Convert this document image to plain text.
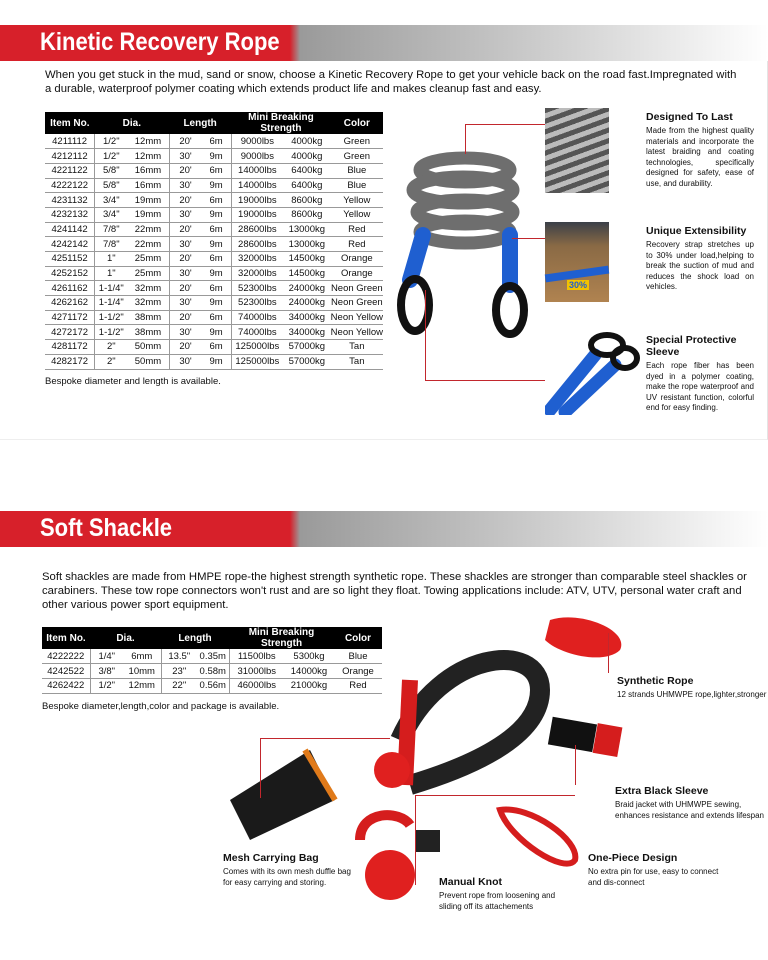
Kinetic Recovery Rope

When you get stuck in the mud, sand or snow, choose a Kinetic Recovery Rope to get your vehicle back on the road fast.Impregnated with a durable, waterproof polymer coating which extends product life and makes cleanup fast and easy.

Item No.	Dia.		Length		Mini Breaking Strength		Color
4211112	1/2"	12mm	20'	6m	9000lbs	4000kg	Green
4212112	1/2"	12mm	30'	9m	9000lbs	4000kg	Green
4221122	5/8"	16mm	20'	6m	14000lbs	6400kg	Blue
4222122	5/8"	16mm	30'	9m	14000lbs	6400kg	Blue
4231132	3/4"	19mm	20'	6m	19000lbs	8600kg	Yellow
4232132	3/4"	19mm	30'	9m	19000lbs	8600kg	Yellow
4241142	7/8"	22mm	20'	6m	28600lbs	13000kg	Red
4242142	7/8"	22mm	30'	9m	28600lbs	13000kg	Red
4251152	1"	25mm	20'	6m	32000lbs	14500kg	Orange
4252152	1"	25mm	30'	9m	32000lbs	14500kg	Orange
4261162	1-1/4"	32mm	20'	6m	52300lbs	24000kg	Neon Green
4262162	1-1/4"	32mm	30'	9m	52300lbs	24000kg	Neon Green
4271172	1-1/2"	38mm	20'	6m	74000lbs	34000kg	Neon Yellow
4272172	1-1/2"	38mm	30'	9m	74000lbs	34000kg	Neon Yellow
4281172	2"	50mm	20'	6m	125000lbs	57000kg	Tan
4282172	2"	50mm	30'	9m	125000lbs	57000kg	Tan

Bespoke diameter and length is available.

30%
Designed To Last

Made from the highest quality materials and incorporate the latest braiding and coating technologies, specifically designed for safety, ease of use, and durability.

Unique Extensibility

Recovery strap stretches up to 30% under load,helping to break the suction of mud and reduces the shock load on vehicles.

Special Protective Sleeve

Each rope fiber has been dyed in a polymer coating, make the rope waterproof and UV resistant function, colorful end for easy finding.

Soft Shackle

Soft shackles are made from HMPE rope-the highest strength synthetic rope. These shackles are stronger than comparable steel shackles or carabiners. These tow rope connectors won't rust and are so light they float. Towing applications include: ATV, UTV, personal water craft and other various power sport equipment.

Item No.	Dia.		Length		Mini Breaking Strength		Color
4222222	1/4"	6mm	13.5"	0.35m	11500lbs	5300kg	Blue
4242522	3/8"	10mm	23"	0.58m	31000lbs	14000kg	Orange
4262422	1/2"	12mm	22"	0.56m	46000lbs	21000kg	Red

Bespoke diameter,length,color and package is available.

Synthetic Rope

12 strands UHMWPE rope,lighter,stronger

Extra Black Sleeve

Braid jacket with UHMWPE sewing, enhances resistance and extends lifespan

One-Piece Design

No extra pin for use, easy to connect and dis-connect

Mesh Carrying Bag

Comes with its own mesh duffle bag for easy carrying and storing.	Manual Knot

Prevent rope from loosening and sliding off its attachements
